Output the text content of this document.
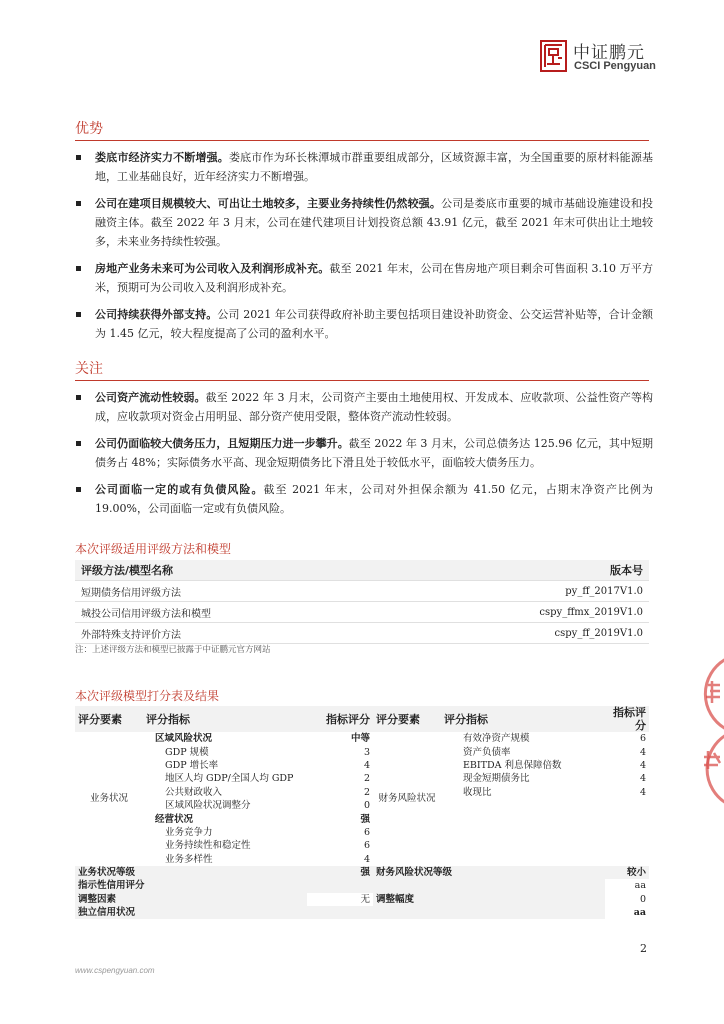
中证鹏元
CSCI Pengyuan
优势
娄底市经济实力不断增强。娄底市作为环长株潭城市群重要组成部分，区域资源丰富，为全国重要的原材料能源基地，工业基础良好，近年经济实力不断增强。
公司在建项目规模较大、可出让土地较多，主要业务持续性仍然较强。公司是娄底市重要的城市基础设施建设和投融资主体。截至 2022 年 3 月末，公司在建代建项目计划投资总额 43.91 亿元，截至 2021 年末可供出让土地较多，未来业务持续性较强。
房地产业务未来可为公司收入及利润形成补充。截至 2021 年末，公司在售房地产项目剩余可售面积 3.10 万平方米，预期可为公司收入及利润形成补充。
公司持续获得外部支持。公司 2021 年公司获得政府补助主要包括项目建设补助资金、公交运营补贴等，合计金额为 1.45 亿元，较大程度提高了公司的盈利水平。
关注
公司资产流动性较弱。截至 2022 年 3 月末，公司资产主要由土地使用权、开发成本、应收款项、公益性资产等构成，应收款项对资金占用明显、部分资产使用受限，整体资产流动性较弱。
公司仍面临较大债务压力，且短期压力进一步攀升。截至 2022 年 3 月末，公司总债务达 125.96 亿元，其中短期债务占 48%；实际债务水平高、现金短期债务比下滑且处于较低水平，面临较大债务压力。
公司面临一定的或有负债风险。截至 2021 年末，公司对外担保余额为 41.50 亿元，占期末净资产比例为 19.00%，公司面临一定或有负债风险。
本次评级适用评级方法和模型
评级方法/模型名称	版本号
短期债务信用评级方法	py_ff_2017V1.0
城投公司信用评级方法和模型	cspy_ffmx_2019V1.0
外部特殊支持评价方法	cspy_ff_2019V1.0
注：上述评级方法和模型已披露于中证鹏元官方网站
本次评级模型打分表及结果
评分要素	评分指标	指标评分	评分要素	评分指标	指标评分
业务状况	区域风险状况	中等	财务风险状况	有效净资产规模	6
	GDP 规模	3		资产负债率	4
	GDP 增长率	4		EBITDA 利息保障倍数	4
	地区人均 GDP/全国人均 GDP	2		现金短期债务比	4
	公共财政收入	2		收现比	4
	区域风险状况调整分	0			
	经营状况	强			
	业务竞争力	6			
	业务持续性和稳定性	6			
	业务多样性	4			
业务状况等级		强	财务风险状况等级		较小
指示性信用评分					aa
调整因素		无	调整幅度		0
独立信用状况					aa
2
www.cspengyuan.com
